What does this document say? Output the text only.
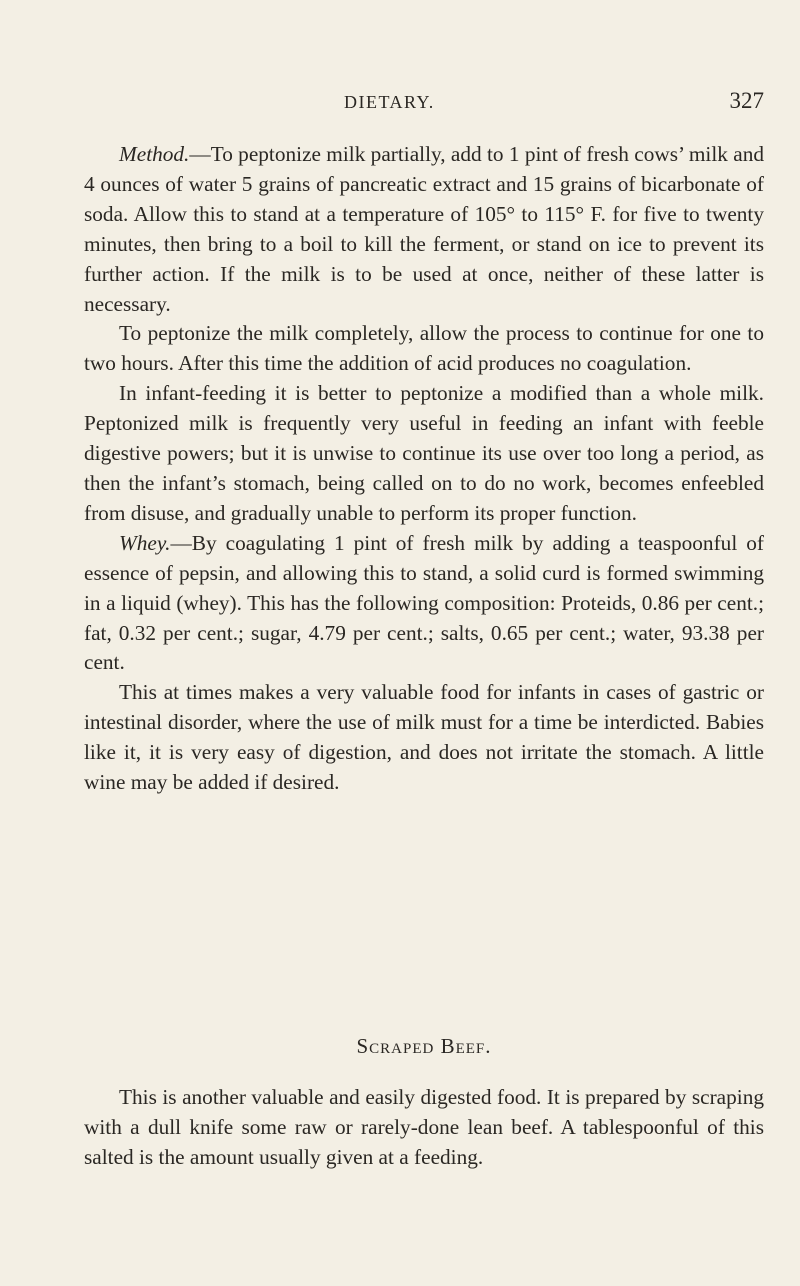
DIETARY.	327

Method.—To peptonize milk partially, add to 1 pint of fresh cows’ milk and 4 ounces of water 5 grains of pancreatic extract and 15 grains of bicarbonate of soda. Allow this to stand at a temperature of 105° to 115° F. for five to twenty minutes, then bring to a boil to kill the ferment, or stand on ice to prevent its further action. If the milk is to be used at once, neither of these latter is necessary.

To peptonize the milk completely, allow the process to continue for one to two hours. After this time the addition of acid produces no coagulation.

In infant-feeding it is better to peptonize a modified than a whole milk. Peptonized milk is frequently very useful in feeding an infant with feeble digestive powers; but it is unwise to continue its use over too long a period, as then the infant’s stomach, being called on to do no work, becomes enfeebled from disuse, and gradually unable to perform its proper function.

Whey.—By coagulating 1 pint of fresh milk by adding a teaspoonful of essence of pepsin, and allowing this to stand, a solid curd is formed swimming in a liquid (whey). This has the following composition: Proteids, 0.86 per cent.; fat, 0.32 per cent.; sugar, 4.79 per cent.; salts, 0.65 per cent.; water, 93.38 per cent.

This at times makes a very valuable food for infants in cases of gastric or intestinal disorder, where the use of milk must for a time be interdicted. Babies like it, it is very easy of digestion, and does not irritate the stomach. A little wine may be added if desired.

Scraped Beef.

This is another valuable and easily digested food. It is prepared by scraping with a dull knife some raw or rarely-done lean beef. A tablespoonful of this salted is the amount usually given at a feeding.
